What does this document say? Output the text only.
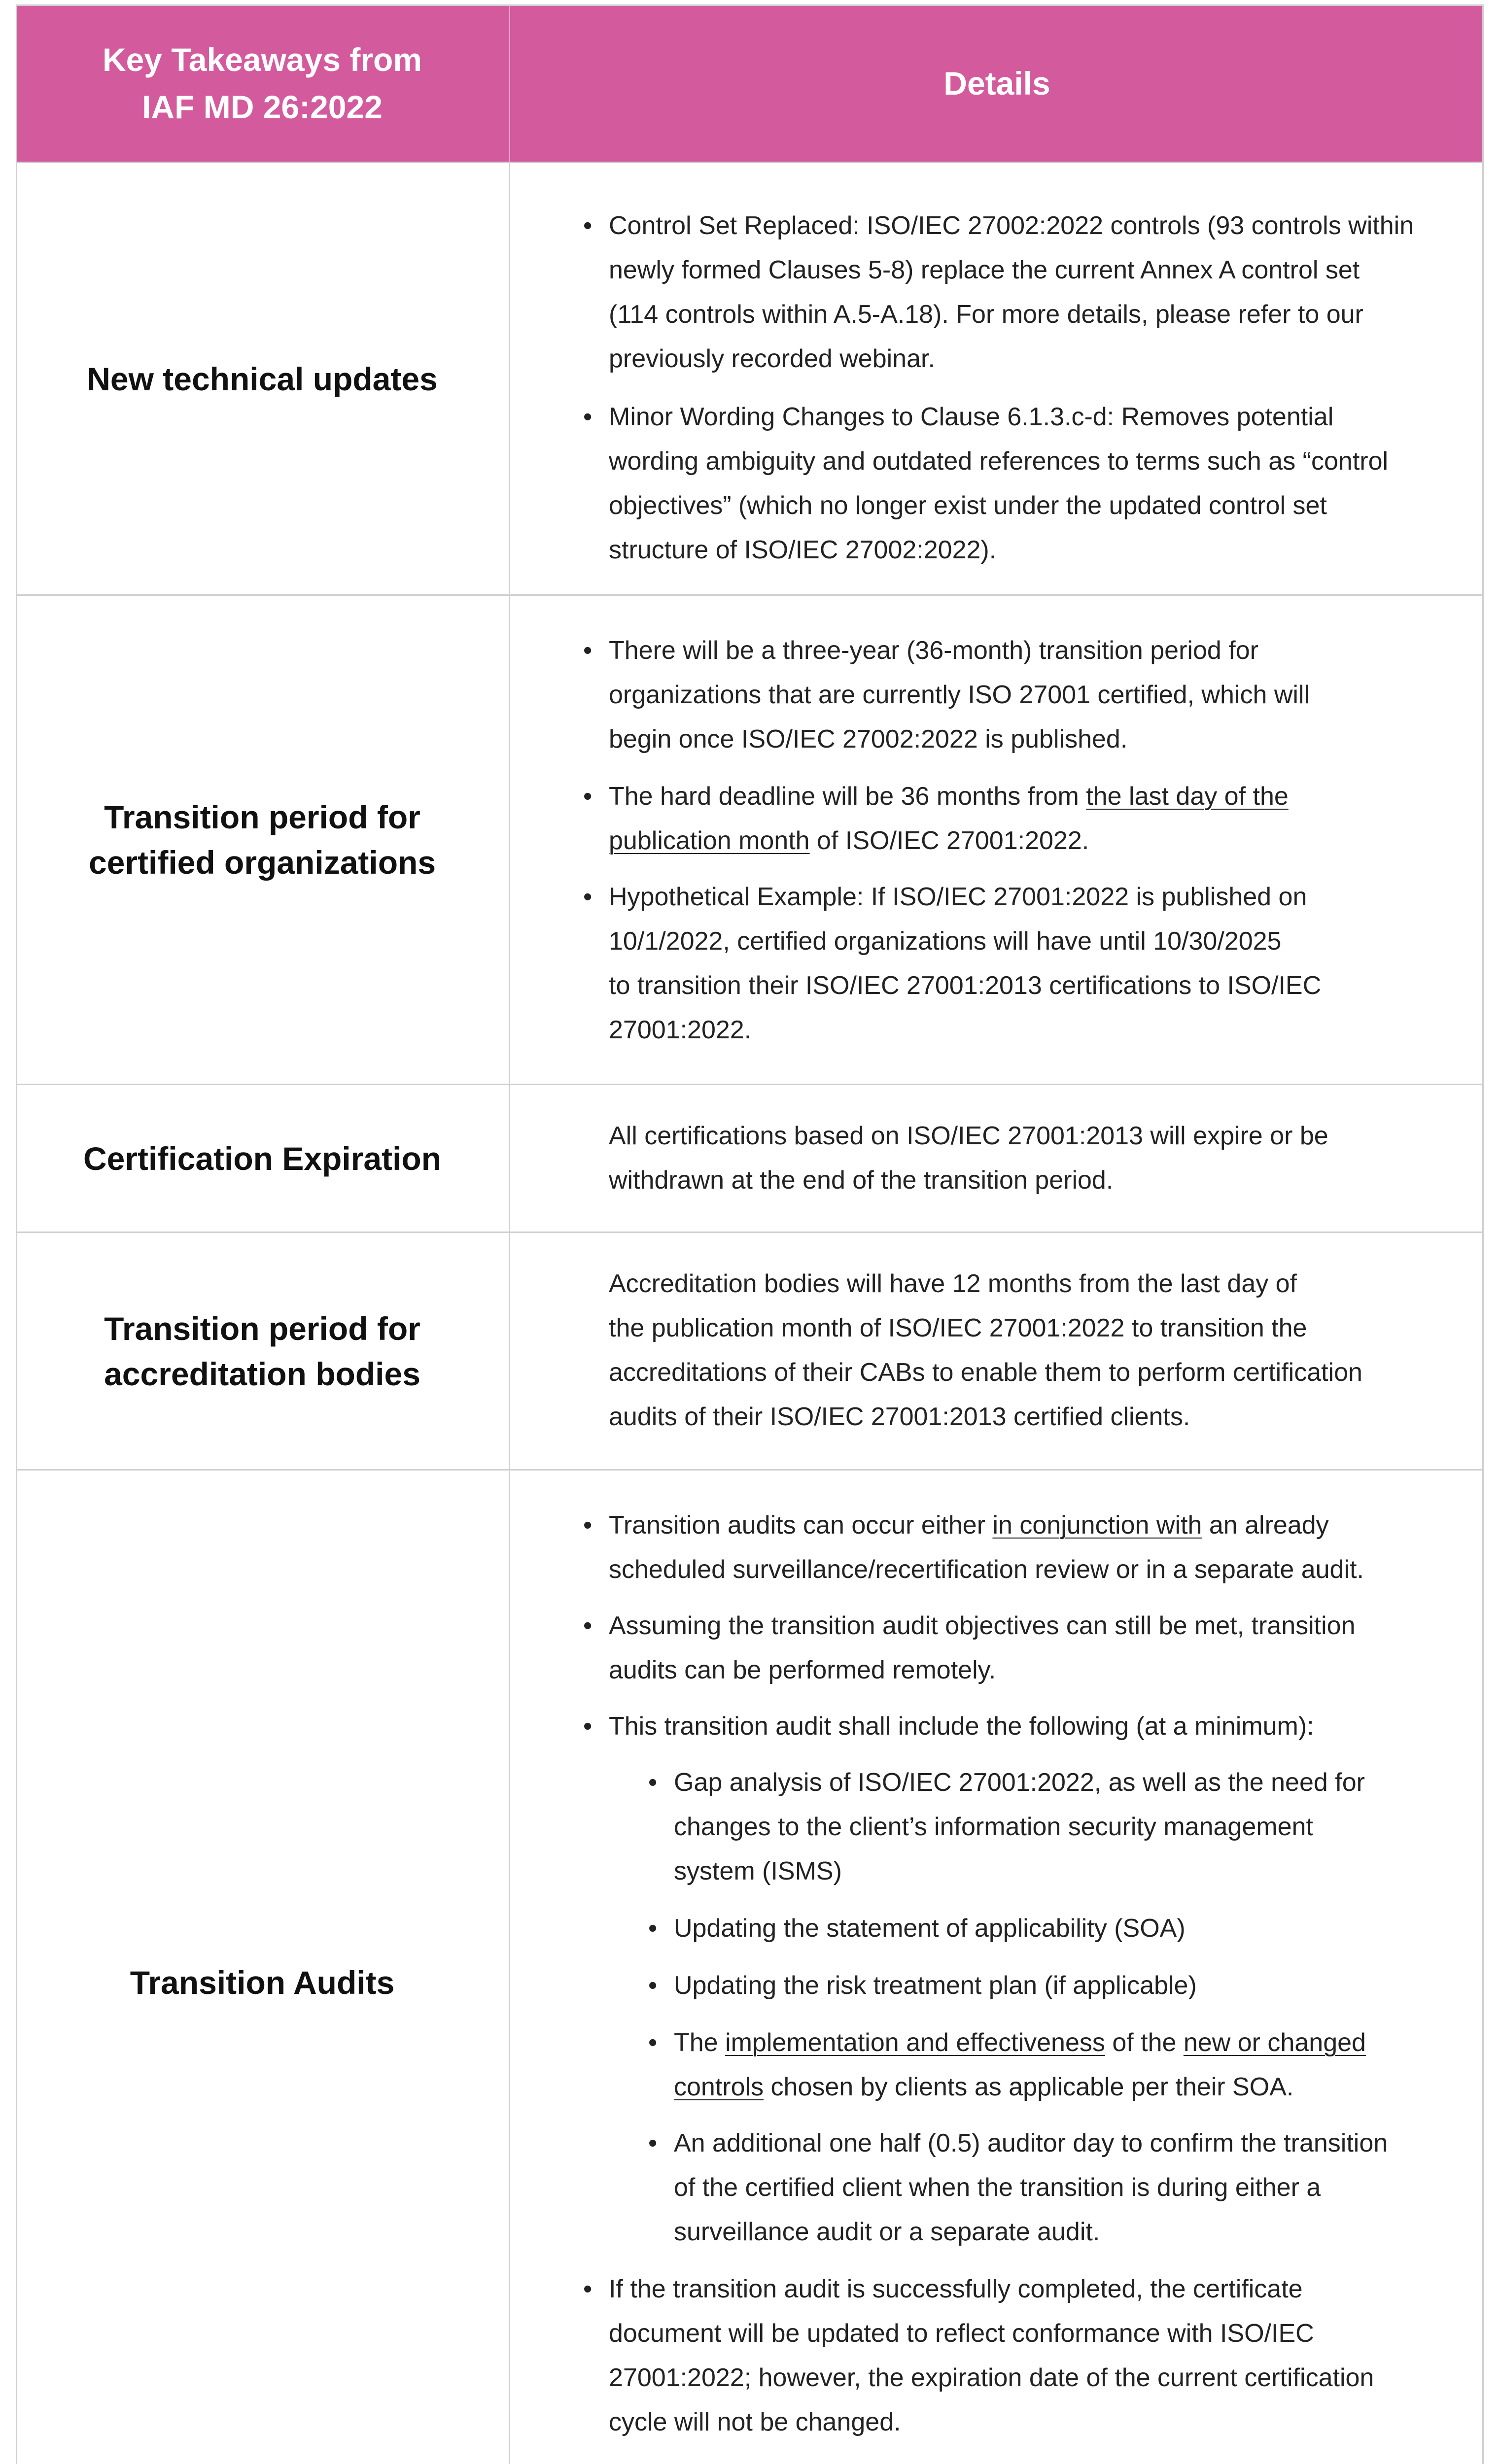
Key Takeaways from
IAF MD 26:2022
Details
New technical updates
• Control Set Replaced: ISO/IEC 27002:2022 controls (93 controls within
newly formed Clauses 5-8) replace the current Annex A control set
(114 controls within A.5-A.18). For more details, please refer to our
previously recorded webinar.
• Minor Wording Changes to Clause 6.1.3.c-d: Removes potential
wording ambiguity and outdated references to terms such as “control
objectives” (which no longer exist under the updated control set
structure of ISO/IEC 27002:2022).
Transition period for
certified organizations
• There will be a three-year (36-month) transition period for
organizations that are currently ISO 27001 certified, which will
begin once ISO/IEC 27002:2022 is published.
• The hard deadline will be 36 months from the last day of the
publication month of ISO/IEC 27001:2022.
• Hypothetical Example: If ISO/IEC 27001:2022 is published on
10/1/2022, certified organizations will have until 10/30/2025
to transition their ISO/IEC 27001:2013 certifications to ISO/IEC
27001:2022.
Certification Expiration
All certifications based on ISO/IEC 27001:2013 will expire or be
withdrawn at the end of the transition period.
Transition period for
accreditation bodies
Accreditation bodies will have 12 months from the last day of
the publication month of ISO/IEC 27001:2022 to transition the
accreditations of their CABs to enable them to perform certification
audits of their ISO/IEC 27001:2013 certified clients.
Transition Audits
• Transition audits can occur either in conjunction with an already
scheduled surveillance/recertification review or in a separate audit.
• Assuming the transition audit objectives can still be met, transition
audits can be performed remotely.
• This transition audit shall include the following (at a minimum):
• Gap analysis of ISO/IEC 27001:2022, as well as the need for
changes to the client’s information security management
system (ISMS)
• Updating the statement of applicability (SOA)
• Updating the risk treatment plan (if applicable)
• The implementation and effectiveness of the new or changed
controls chosen by clients as applicable per their SOA.
• An additional one half (0.5) auditor day to confirm the transition
of the certified client when the transition is during either a
surveillance audit or a separate audit.
• If the transition audit is successfully completed, the certificate
document will be updated to reflect conformance with ISO/IEC
27001:2022; however, the expiration date of the current certification
cycle will not be changed.
